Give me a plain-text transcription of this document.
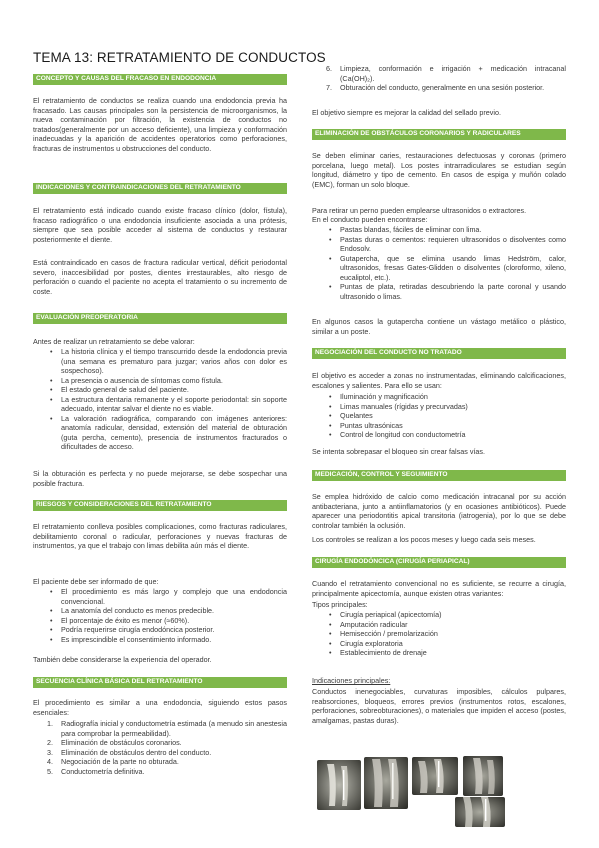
TEMA 13: RETRATAMIENTO DE CONDUCTOS
CONCEPTO Y CAUSAS DEL FRACASO EN ENDODONCIA
El retratamiento de conductos se realiza cuando una endodoncia previa ha fracasado. Las causas principales son la persistencia de microorganismos, la nueva contaminación por filtración, la existencia de conductos no tratados(generalmente por un acceso deficiente), una limpieza y conformación inadecuadas y la aparición de accidentes operatorios como perforaciones, fracturas de instrumentos u obstrucciones del conducto.
INDICACIONES Y CONTRAINDICACIONES DEL RETRATAMIENTO
El retratamiento está indicado cuando existe fracaso clínico (dolor, fístula), fracaso radiográfico o una endodoncia insuficiente asociada a una prótesis, siempre que sea posible acceder al sistema de conductos y restaurar posteriormente el diente.
Está contraindicado en casos de fractura radicular vertical, déficit periodontal severo, inaccesibilidad por postes, dientes irrestaurables, alto riesgo de perforación o cuando el paciente no acepta el tratamiento o su incremento de coste.
EVALUACIÓN PREOPERATORIA
Antes de realizar un retratamiento se debe valorar:
• La historia clínica y el tiempo transcurrido desde la endodoncia previa (una semana es prematuro para juzgar; varios años con dolor es sospechoso).
• La presencia o ausencia de síntomas como fístula.
• El estado general de salud del paciente.
• La estructura dentaria remanente y el soporte periodontal: sin soporte adecuado, intentar salvar el diente no es viable.
• La valoración radiográfica, comparando con imágenes anteriores: anatomía radicular, densidad, extensión del material de obturación (guta percha, cemento), presencia de instrumentos fracturados o dificultades de acceso.
Si la obturación es perfecta y no puede mejorarse, se debe sospechar una posible fractura.
RIESGOS Y CONSIDERACIONES DEL RETRATAMIENTO
El retratamiento conlleva posibles complicaciones, como fracturas radiculares, debilitamiento coronal o radicular, perforaciones y nuevas fracturas de instrumentos, ya que el trabajo con limas debilita aún más el diente.
El paciente debe ser informado de que:
• El procedimiento es más largo y complejo que una endodoncia convencional.
• La anatomía del conducto es menos predecible.
• El porcentaje de éxito es menor (≈60%).
• Podría requerirse cirugía endodóncica posterior.
• Es imprescindible el consentimiento informado.
También debe considerarse la experiencia del operador.
SECUENCIA CLÍNICA BÁSICA DEL RETRATAMIENTO
El procedimiento es similar a una endodoncia, siguiendo estos pasos esenciales:
1. Radiografía inicial y conductometría estimada (a menudo sin anestesia para comprobar la permeabilidad).
2. Eliminación de obstáculos coronarios.
3. Eliminación de obstáculos dentro del conducto.
4. Negociación de la parte no obturada.
5. Conductometría definitiva.
6. Limpieza, conformación e irrigación + medicación intracanal (Ca(OH)₂).
7. Obturación del conducto, generalmente en una sesión posterior.
El objetivo siempre es mejorar la calidad del sellado previo.
ELIMINACIÓN DE OBSTÁCULOS CORONARIOS Y RADICULARES
Se deben eliminar caries, restauraciones defectuosas y coronas (primero porcelana, luego metal). Los postes intrarradiculares se estudian según longitud, diámetro y tipo de cemento. En casos de espiga y muñón colado (EMC), forman un solo bloque.
Para retirar un perno pueden emplearse ultrasonidos o extractores.
En el conducto pueden encontrarse:
• Pastas blandas, fáciles de eliminar con lima.
• Pastas duras o cementos: requieren ultrasonidos o disolventes como Endosolv.
• Gutapercha, que se elimina usando limas Hedström, calor, ultrasonidos, fresas Gates-Glidden o disolventes (cloroformo, xileno, eucaliptol, etc.).
• Puntas de plata, retiradas descubriendo la parte coronal y usando ultrasonido o limas.
En algunos casos la gutapercha contiene un vástago metálico o plástico, similar a un poste.
NEGOCIACIÓN DEL CONDUCTO NO TRATADO
El objetivo es acceder a zonas no instrumentadas, eliminando calcificaciones, escalones y salientes. Para ello se usan:
• Iluminación y magnificación
• Limas manuales (rígidas y precurvadas)
• Quelantes
• Puntas ultrasónicas
• Control de longitud con conductometría
Se intenta sobrepasar el bloqueo sin crear falsas vías.
MEDICACIÓN, CONTROL Y SEGUIMIENTO
Se emplea hidróxido de calcio como medicación intracanal por su acción antibacteriana, junto a antiinflamatorios (y en ocasiones antibióticos). Puede aparecer una periodontitis apical transitoria (iatrogenia), por lo que se debe controlar también la oclusión.
Los controles se realizan a los pocos meses y luego cada seis meses.
CIRUGÍA ENDODÓNCICA (CIRUGÍA PERIAPICAL)
Cuando el retratamiento convencional no es suficiente, se recurre a cirugía, principalmente apicectomía, aunque existen otras variantes:
Tipos principales:
• Cirugía periapical (apicectomía)
• Amputación radicular
• Hemisección / premolarización
• Cirugía exploratoria
• Establecimiento de drenaje
Indicaciones principales:
Conductos inenegociables, curvaturas imposibles, cálculos pulpares, reabsorciones, bloqueos, errores previos (instrumentos rotos, escalones, perforaciones, sobreobturaciones), o materiales que impiden el acceso (postes, amalgamas, pastas duras).
